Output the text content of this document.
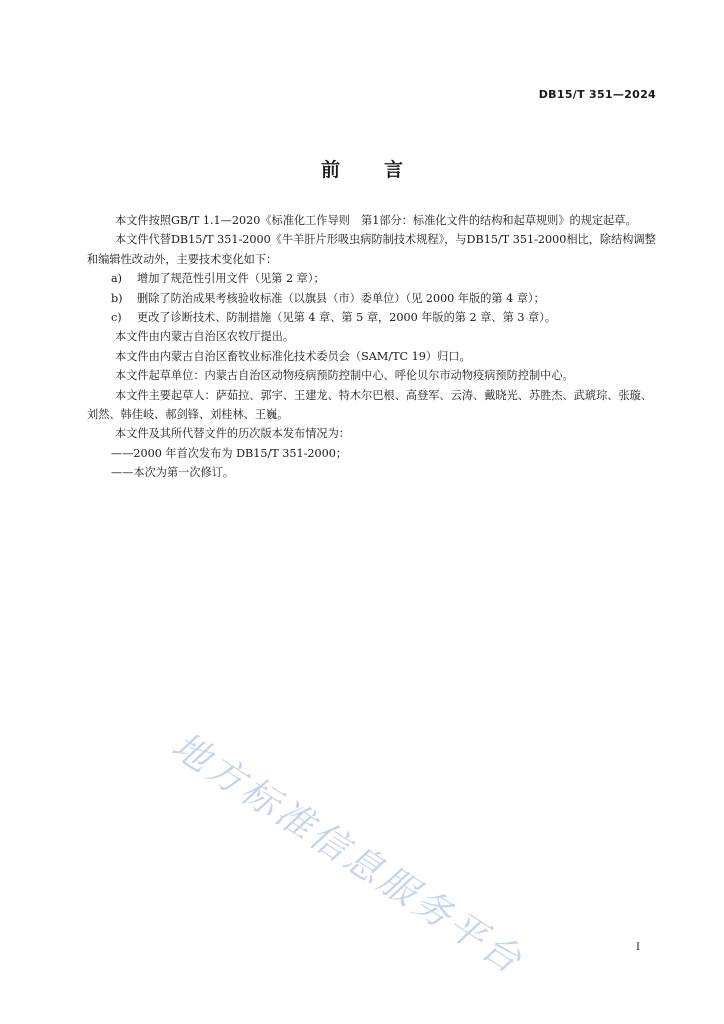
DB15/T 351—2024
前 言

本文件按照GB/T 1.1—2020《标准化工作导则　第1部分：标准化文件的结构和起草规则》的规定起草。

本文件代替DB15/T 351-2000《牛羊肝片形吸虫病防制技术规程》，与DB15/T 351-2000相比，除结构调整和编辑性改动外，主要技术变化如下：

a) 增加了规范性引用文件（见第 2 章）；

b) 删除了防治成果考核验收标准（以旗县（市）委单位）（见 2000 年版的第 4 章）；

c) 更改了诊断技术、防制措施（见第 4 章、第 5 章，2000 年版的第 2 章、第 3 章）。

本文件由内蒙古自治区农牧厅提出。

本文件由内蒙古自治区畜牧业标准化技术委员会（SAM/TC 19）归口。

本文件起草单位：内蒙古自治区动物疫病预防控制中心、呼伦贝尔市动物疫病预防控制中心。

本文件主要起草人：萨茹拉、郭宇、王建龙、特木尔巴根、高登军、云涛、戴晓光、苏胜杰、武琥琮、张璇、刘然、韩佳岐、郝剑锋、刘桂林、王巍。

本文件及其所代替文件的历次版本发布情况为：

——2000 年首次发布为 DB15/T 351-2000；

——本次为第一次修订。

地方标准信息服务平台	I
